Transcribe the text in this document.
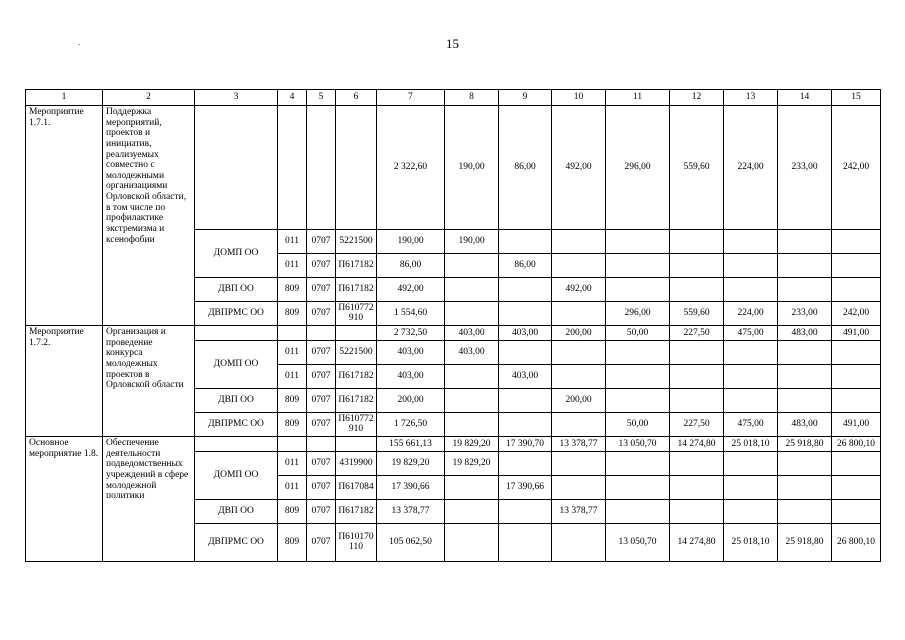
15
1	2	3	4	5	6	7	8	9	10	11	12	13	14	15
Мероприятие 1.7.1.	Поддержка мероприятий, проектов и инициатив, реализуемых совместно с молодежными организациями Орловской области, в том числе по профилактике экстремизма и ксенофобии					2 322,60	190,00	86,00	492,00	296,00	559,60	224,00	233,00	242,00
		ДОМП ОО	011	0707	5221500	190,00	190,00							
			011	0707	П617182	86,00		86,00						
		ДВП ОО	809	0707	П617182	492,00			492,00					
		ДВПРМС ОО	809	0707	П610772910	1 554,60				296,00	559,60	224,00	233,00	242,00
Мероприятие 1.7.2.	Организация и проведение конкурса молодежных проектов в Орловской области					2 732,50	403,00	403,00	200,00	50,00	227,50	475,00	483,00	491,00
		ДОМП ОО	011	0707	5221500	403,00	403,00							
			011	0707	П617182	403,00		403,00						
		ДВП ОО	809	0707	П617182	200,00			200,00					
		ДВПРМС ОО	809	0707	П610772910	1 726,50				50,00	227,50	475,00	483,00	491,00
Основное мероприятие 1.8.	Обеспечение деятельности подведомственных учреждений в сфере молодежной политики					155 661,13	19 829,20	17 390,70	13 378,77	13 050,70	14 274,80	25 018,10	25 918,80	26 800,10
		ДОМП ОО	011	0707	4319900	19 829,20	19 829,20							
			011	0707	П617084	17 390,66		17 390,66						
		ДВП ОО	809	0707	П617182	13 378,77			13 378,77					
		ДВПРМС ОО	809	0707	П610170110	105 062,50				13 050,70	14 274,80	25 018,10	25 918,80	26 800,10
